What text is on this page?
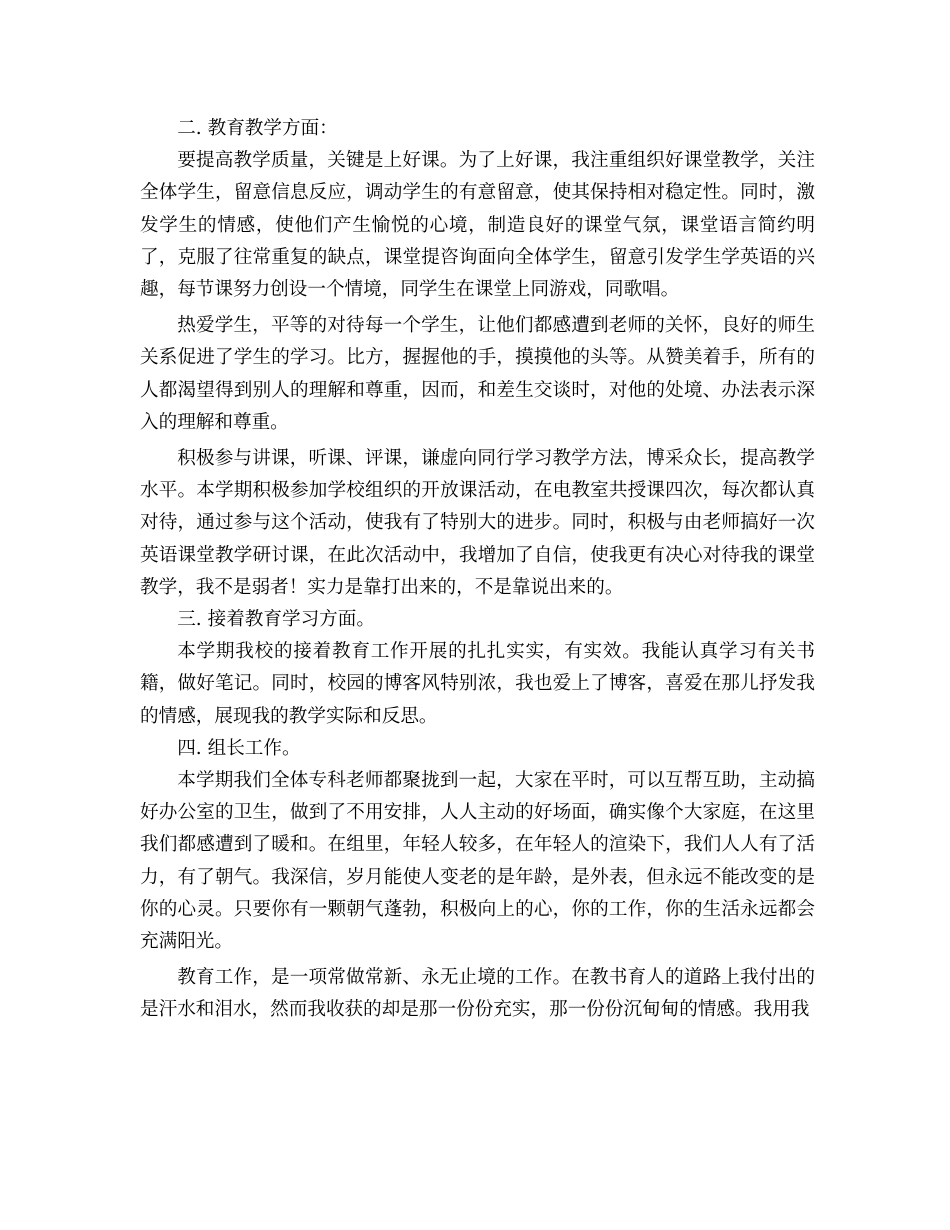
二. 教育教学方面：

要提高教学质量，关键是上好课。为了上好课，我注重组织好课堂教学，关注全体学生，留意信息反应，调动学生的有意留意，使其保持相对稳定性。同时，激发学生的情感，使他们产生愉悦的心境，制造良好的课堂气氛，课堂语言简约明了，克服了往常重复的缺点，课堂提咨询面向全体学生，留意引发学生学英语的兴趣，每节课努力创设一个情境，同学生在课堂上同游戏，同歌唱。

热爱学生，平等的对待每一个学生，让他们都感遭到老师的关怀，良好的师生关系促进了学生的学习。比方，握握他的手，摸摸他的头等。从赞美着手，所有的人都渴望得到别人的理解和尊重，因而，和差生交谈时，对他的处境、办法表示深入的理解和尊重。

积极参与讲课，听课、评课，谦虚向同行学习教学方法，博采众长，提高教学水平。本学期积极参加学校组织的开放课活动，在电教室共授课四次，每次都认真对待，通过参与这个活动，使我有了特别大的进步。同时，积极与由老师搞好一次英语课堂教学研讨课，在此次活动中，我增加了自信，使我更有决心对待我的课堂教学，我不是弱者！实力是靠打出来的，不是靠说出来的。

三. 接着教育学习方面。

本学期我校的接着教育工作开展的扎扎实实，有实效。我能认真学习有关书籍，做好笔记。同时，校园的博客风特别浓，我也爱上了博客，喜爱在那儿抒发我的情感，展现我的教学实际和反思。

四. 组长工作。

本学期我们全体专科老师都聚拢到一起，大家在平时，可以互帮互助，主动搞好办公室的卫生，做到了不用安排，人人主动的好场面，确实像个大家庭，在这里我们都感遭到了暖和。在组里，年轻人较多，在年轻人的渲染下，我们人人有了活力，有了朝气。我深信，岁月能使人变老的是年龄，是外表，但永远不能改变的是你的心灵。只要你有一颗朝气蓬勃，积极向上的心，你的工作，你的生活永远都会充满阳光。

教育工作，是一项常做常新、永无止境的工作。在教书育人的道路上我付出的是汗水和泪水，然而我收获的却是那一份份充实，那一份份沉甸甸的情感。我用我
